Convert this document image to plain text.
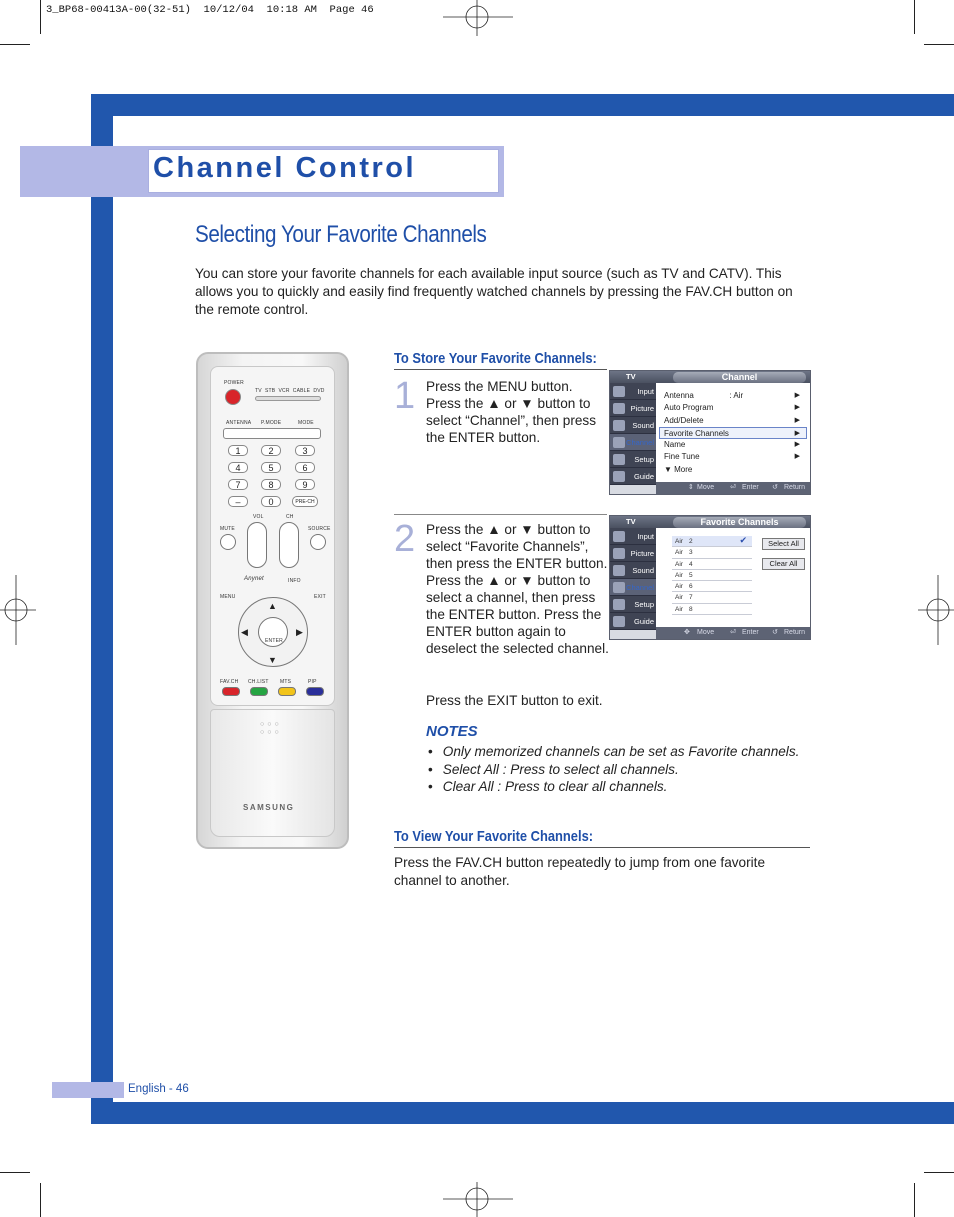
3_BP68-00413A-00(32-51)  10/12/04  10:18 AM  Page 46
Channel Control
Selecting Your Favorite Channels
You can store your favorite channels for each available input source (such as TV and CATV). This allows you to quickly and easily find frequently watched channels by pressing the FAV.CH button on the remote control.
To Store Your Favorite Channels:
1 Press the MENU button. Press the ▲ or ▼ button to select “Channel”, then press the ENTER button.
2 Press the ▲ or ▼ button to select “Favorite Channels”, then press the ENTER button. Press the ▲ or ▼ button to select a channel, then press the ENTER button. Press the ENTER button again to deselect the selected channel.
Press the EXIT button to exit.
TV	Channel
Input
Picture
Sound
Channel
Setup
Guide
Antenna                : Air	▶
Auto Program	▶
Add/Delete	▶
Favorite Channels	▶
Name	▶
Fine Tune	▶
▼ More
⇕ Move ⏎ Enter ↺ Return
TV	Favorite Channels
Input
Picture
Sound
Channel
Setup
Guide
Air 2	✔
Air 3
Air 4
Air 5
Air 6
Air 7
Air 8
Select All
Clear All
✥ Move ⏎ Enter ↺ Return
NOTES
• Only memorized channels can be set as Favorite channels.
• Select All : Press to select all channels.
• Clear All : Press to clear all channels.
To View Your Favorite Channels:
Press the FAV.CH button repeatedly to jump from one favorite channel to another.
POWER
TV  STB  VCR  CABLE  DVD
ANTENNA P.MODE	MODE
1	2	3
4	5	6
7	8	9
–	0	PRE-CH
MUTE
VOL	CH
SOURCE
Anynet	INFO
MENU	EXIT
ENTER
▲
▼
◀	▶
FAV.CH CH.LIST MTS	PIP
○○○
○○○
SAMSUNG
English - 46
